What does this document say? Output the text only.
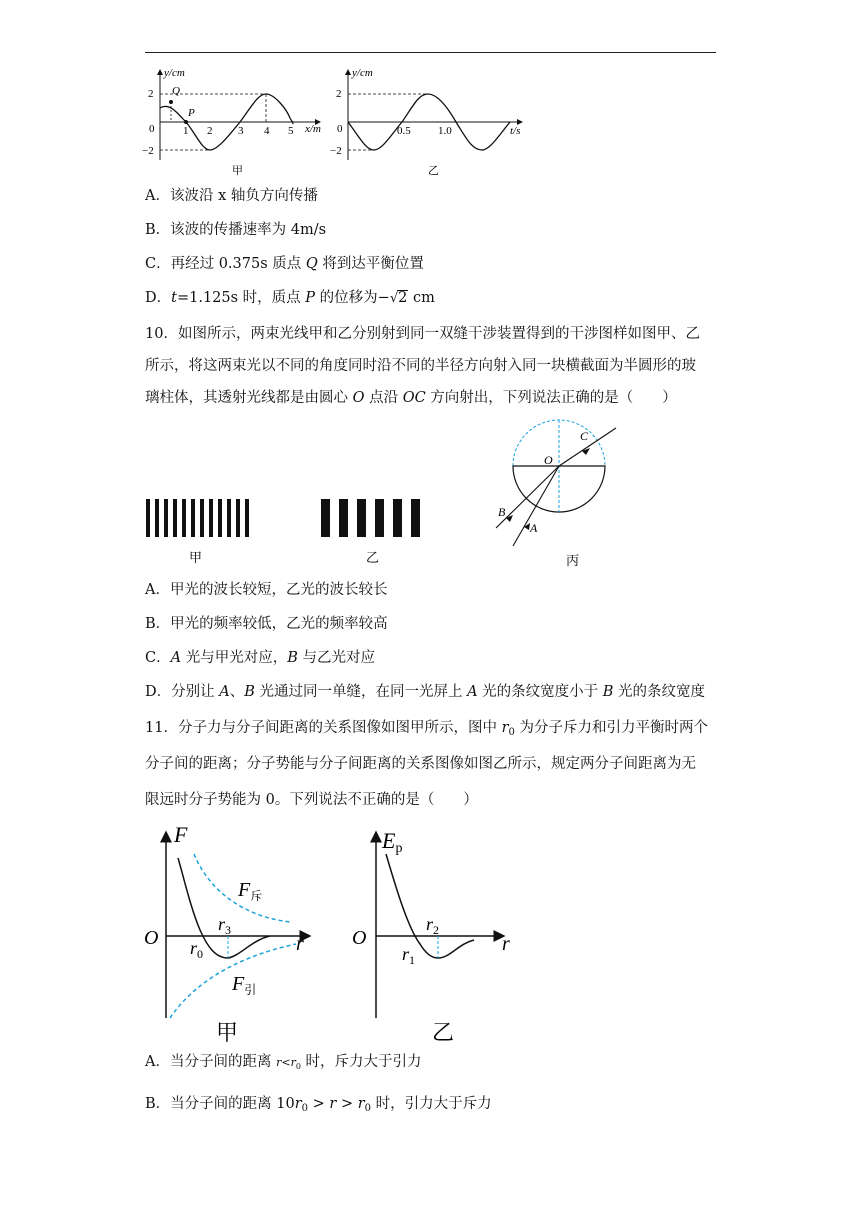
y/cm
x/m
2
−2
0	1 2 3 4 5
Q
P
甲
y/cm
t/s
2
−2
0	0.5 1.0
乙
A．该波沿 x 轴负方向传播
B．该波的传播速率为 4m/s
C．再经过 0.375s 质点 Q 将到达平衡位置
D．t=1.125s 时，质点 P 的位移为−√2 cm
10．如图所示，两束光线甲和乙分别射到同一双缝干涉装置得到的干涉图样如图甲、乙
所示，将这两束光以不同的角度同时沿不同的半径方向射入同一块横截面为半圆形的玻
璃柱体，其透射光线都是由圆心 O 点沿 OC 方向射出，下列说法正确的是（　　）
甲	乙
O
C
B
A
丙
A．甲光的波长较短，乙光的波长较长
B．甲光的频率较低，乙光的频率较高
C．A 光与甲光对应，B 与乙光对应
D．分别让 A、B 光通过同一单缝，在同一光屏上 A 光的条纹宽度小于 B 光的条纹宽度
11．分子力与分子间距离的关系图像如图甲所示，图中 $r_0$ 为分子斥力和引力平衡时两个
分子间的距离；分子势能与分子间距离的关系图像如图乙所示，规定两分子间距离为无
限远时分子势能为 0。下列说法不正确的是（　　）
F
r
O
$F_斥$
$F_引$
$r_3$
$r_0$
甲
Ep
r
O
$r_2$
$r_1$
乙
A．当分子间的距离 $r<r_0$ 时，斥力大于引力
B．当分子间的距离 $10r_0 > r > r_0$ 时，引力大于斥力
